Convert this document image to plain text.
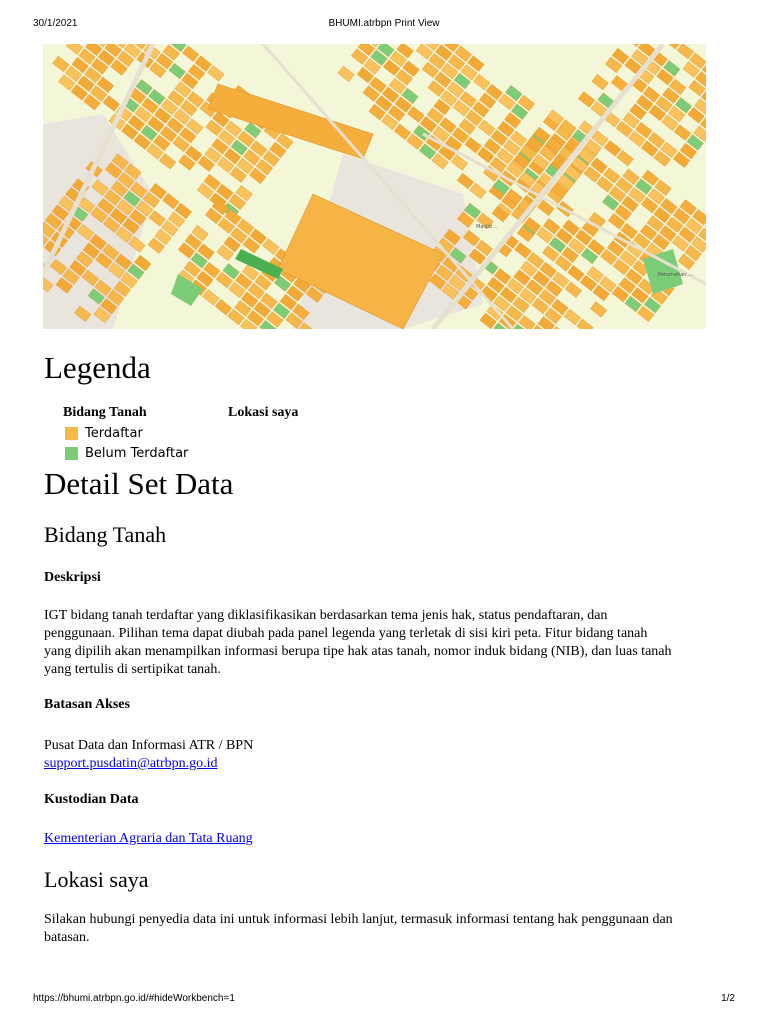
30/1/2021	BHUMI.atrbpn Print View
Masjid ...
Perumahan ...
Legenda
Bidang Tanah	Lokasi saya
Terdaftar
Belum Terdaftar
Detail Set Data
Bidang Tanah
Deskripsi

IGT bidang tanah terdaftar yang diklasifikasikan berdasarkan tema jenis hak, status pendaftaran, dan

penggunaan. Pilihan tema dapat diubah pada panel legenda yang terletak di sisi kiri peta. Fitur bidang tanah

yang dipilih akan menampilkan informasi berupa tipe hak atas tanah, nomor induk bidang (NIB), dan luas tanah

yang tertulis di sertipikat tanah.

Batasan Akses

Pusat Data dan Informasi ATR / BPN

support.pusdatin@atrbpn.go.id

Kustodian Data

Kementerian Agraria dan Tata Ruang

Lokasi saya

Silakan hubungi penyedia data ini untuk informasi lebih lanjut, termasuk informasi tentang hak penggunaan dan

batasan.

https://bhumi.atrbpn.go.id/#hideWorkbench=1	1/2
